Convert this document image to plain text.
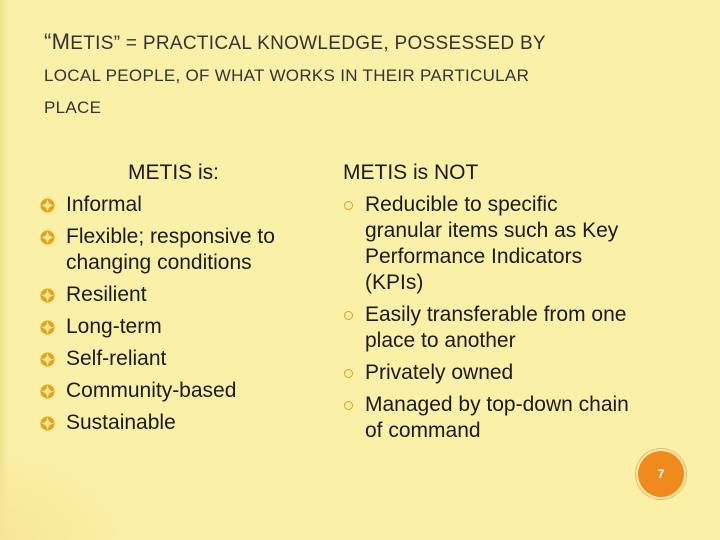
“METIS” = PRACTICAL KNOWLEDGE, POSSESSED BY
LOCAL PEOPLE, OF WHAT WORKS IN THEIR PARTICULAR
PLACE
METIS is:
Informal
Flexible; responsive to changing conditions
Resilient
Long-term
Self-reliant
Community-based
Sustainable
METIS is NOT
Reducible to specific granular items such as Key Performance Indicators (KPIs)
Easily transferable from one place to another
Privately owned
Managed by top-down chain of command
7
